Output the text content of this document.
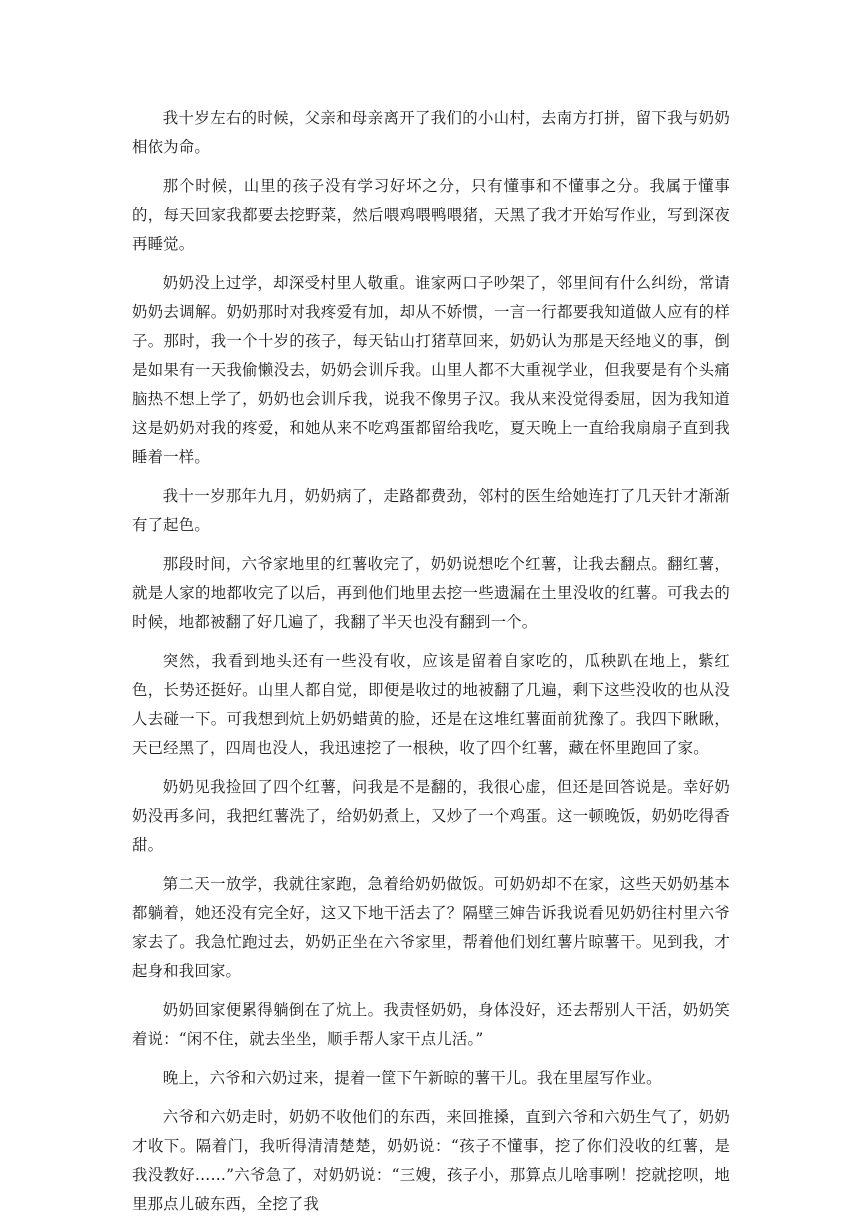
我十岁左右的时候，父亲和母亲离开了我们的小山村，去南方打拼，留下我与奶奶相依为命。

那个时候，山里的孩子没有学习好坏之分，只有懂事和不懂事之分。我属于懂事的，每天回家我都要去挖野菜，然后喂鸡喂鸭喂猪，天黑了我才开始写作业，写到深夜再睡觉。

奶奶没上过学，却深受村里人敬重。谁家两口子吵架了，邻里间有什么纠纷，常请奶奶去调解。奶奶那时对我疼爱有加，却从不娇惯，一言一行都要我知道做人应有的样子。那时，我一个十岁的孩子，每天钻山打猪草回来，奶奶认为那是天经地义的事，倒是如果有一天我偷懒没去，奶奶会训斥我。山里人都不大重视学业，但我要是有个头痛脑热不想上学了，奶奶也会训斥我，说我不像男子汉。我从来没觉得委屈，因为我知道这是奶奶对我的疼爱，和她从来不吃鸡蛋都留给我吃，夏天晚上一直给我扇扇子直到我睡着一样。

我十一岁那年九月，奶奶病了，走路都费劲，邻村的医生给她连打了几天针才渐渐有了起色。

那段时间，六爷家地里的红薯收完了，奶奶说想吃个红薯，让我去翻点。翻红薯，就是人家的地都收完了以后，再到他们地里去挖一些遗漏在土里没收的红薯。可我去的时候，地都被翻了好几遍了，我翻了半天也没有翻到一个。

突然，我看到地头还有一些没有收，应该是留着自家吃的，瓜秧趴在地上，紫红色，长势还挺好。山里人都自觉，即便是收过的地被翻了几遍，剩下这些没收的也从没人去碰一下。可我想到炕上奶奶蜡黄的脸，还是在这堆红薯面前犹豫了。我四下瞅瞅，天已经黑了，四周也没人，我迅速挖了一根秧，收了四个红薯，藏在怀里跑回了家。

奶奶见我捡回了四个红薯，问我是不是翻的，我很心虚，但还是回答说是。幸好奶奶没再多问，我把红薯洗了，给奶奶煮上，又炒了一个鸡蛋。这一顿晚饭，奶奶吃得香甜。

第二天一放学，我就往家跑，急着给奶奶做饭。可奶奶却不在家，这些天奶奶基本都躺着，她还没有完全好，这又下地干活去了？隔壁三婶告诉我说看见奶奶往村里六爷家去了。我急忙跑过去，奶奶正坐在六爷家里，帮着他们划红薯片晾薯干。见到我，才起身和我回家。

奶奶回家便累得躺倒在了炕上。我责怪奶奶，身体没好，还去帮别人干活，奶奶笑着说：“闲不住，就去坐坐，顺手帮人家干点儿活。”

晚上，六爷和六奶过来，提着一筐下午新晾的薯干儿。我在里屋写作业。

六爷和六奶走时，奶奶不收他们的东西，来回推搡，直到六爷和六奶生气了，奶奶才收下。隔着门，我听得清清楚楚，奶奶说：“孩子不懂事，挖了你们没收的红薯，是我没教好……”六爷急了，对奶奶说：“三嫂，孩子小，那算点儿啥事咧！挖就挖呗，地里那点儿破东西，全挖了我
